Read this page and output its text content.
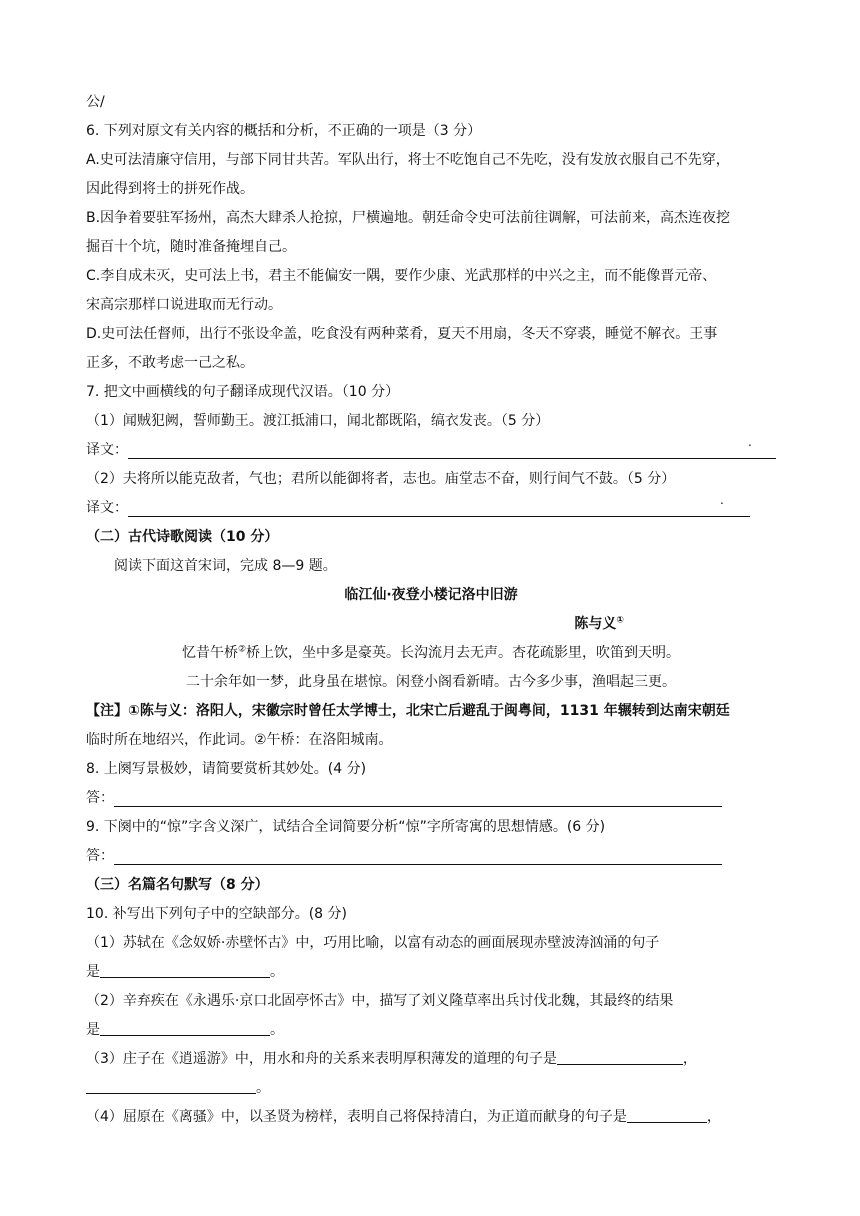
公/
6. 下列对原文有关内容的概括和分析，不正确的一项是（3 分）
A.史可法清廉守信用，与部下同甘共苦。军队出行，将士不吃饱自己不先吃，没有发放衣服自己不先穿，
因此得到将士的拼死作战。
B.因争着要驻军扬州，高杰大肆杀人抢掠，尸横遍地。朝廷命令史可法前往调解，可法前来，高杰连夜挖
掘百十个坑，随时准备掩埋自己。
C.李自成未灭，史可法上书，君主不能偏安一隅，要作少康、光武那样的中兴之主，而不能像晋元帝、
宋高宗那样口说进取而无行动。
D.史可法任督师，出行不张设伞盖，吃食没有两种菜肴，夏天不用扇，冬天不穿裘，睡觉不解衣。王事
正多，不敢考虑一己之私。
7. 把文中画横线的句子翻译成现代汉语。（10 分）
（1）闻贼犯阙，誓师勤王。渡江抵浦口，闻北都既陷，缟衣发丧。（5 分）
译文：	.
（2）夫将所以能克敌者，气也；君所以能御将者，志也。庙堂志不奋，则行间气不鼓。（5 分）
译文：	.
（二）古代诗歌阅读（10 分）
阅读下面这首宋词，完成 8—9 题。
临江仙·夜登小楼记洛中旧游
陈与义①
忆昔午桥②桥上饮，坐中多是豪英。长沟流月去无声。杏花疏影里，吹笛到天明。
二十余年如一梦，此身虽在堪惊。闲登小阁看新晴。古今多少事，渔唱起三更。
【注】①陈与义：洛阳人，宋徽宗时曾任太学博士，北宋亡后避乱于闽粤间，1131 年辗转到达南宋朝廷
临时所在地绍兴，作此词。②午桥：在洛阳城南。
8. 上阕写景极妙，请简要赏析其妙处。(4 分)
答：
9. 下阕中的“惊”字含义深广，试结合全词简要分析“惊”字所寄寓的思想情感。(6 分)
答：
（三）名篇名句默写（8 分）
10. 补写出下列句子中的空缺部分。(8 分)
（1）苏轼在《念奴娇·赤壁怀古》中，巧用比喻，以富有动态的画面展现赤壁波涛汹涌的句子
是	。
（2）辛弃疾在《永遇乐·京口北固亭怀古》中，描写了刘义隆草率出兵讨伐北魏，其最终的结果
是	。
（3）庄子在《逍遥游》中，用水和舟的关系来表明厚积薄发的道理的句子是	，
。
（4）屈原在《离骚》中，以圣贤为榜样，表明自己将保持清白，为正道而献身的句子是	，
